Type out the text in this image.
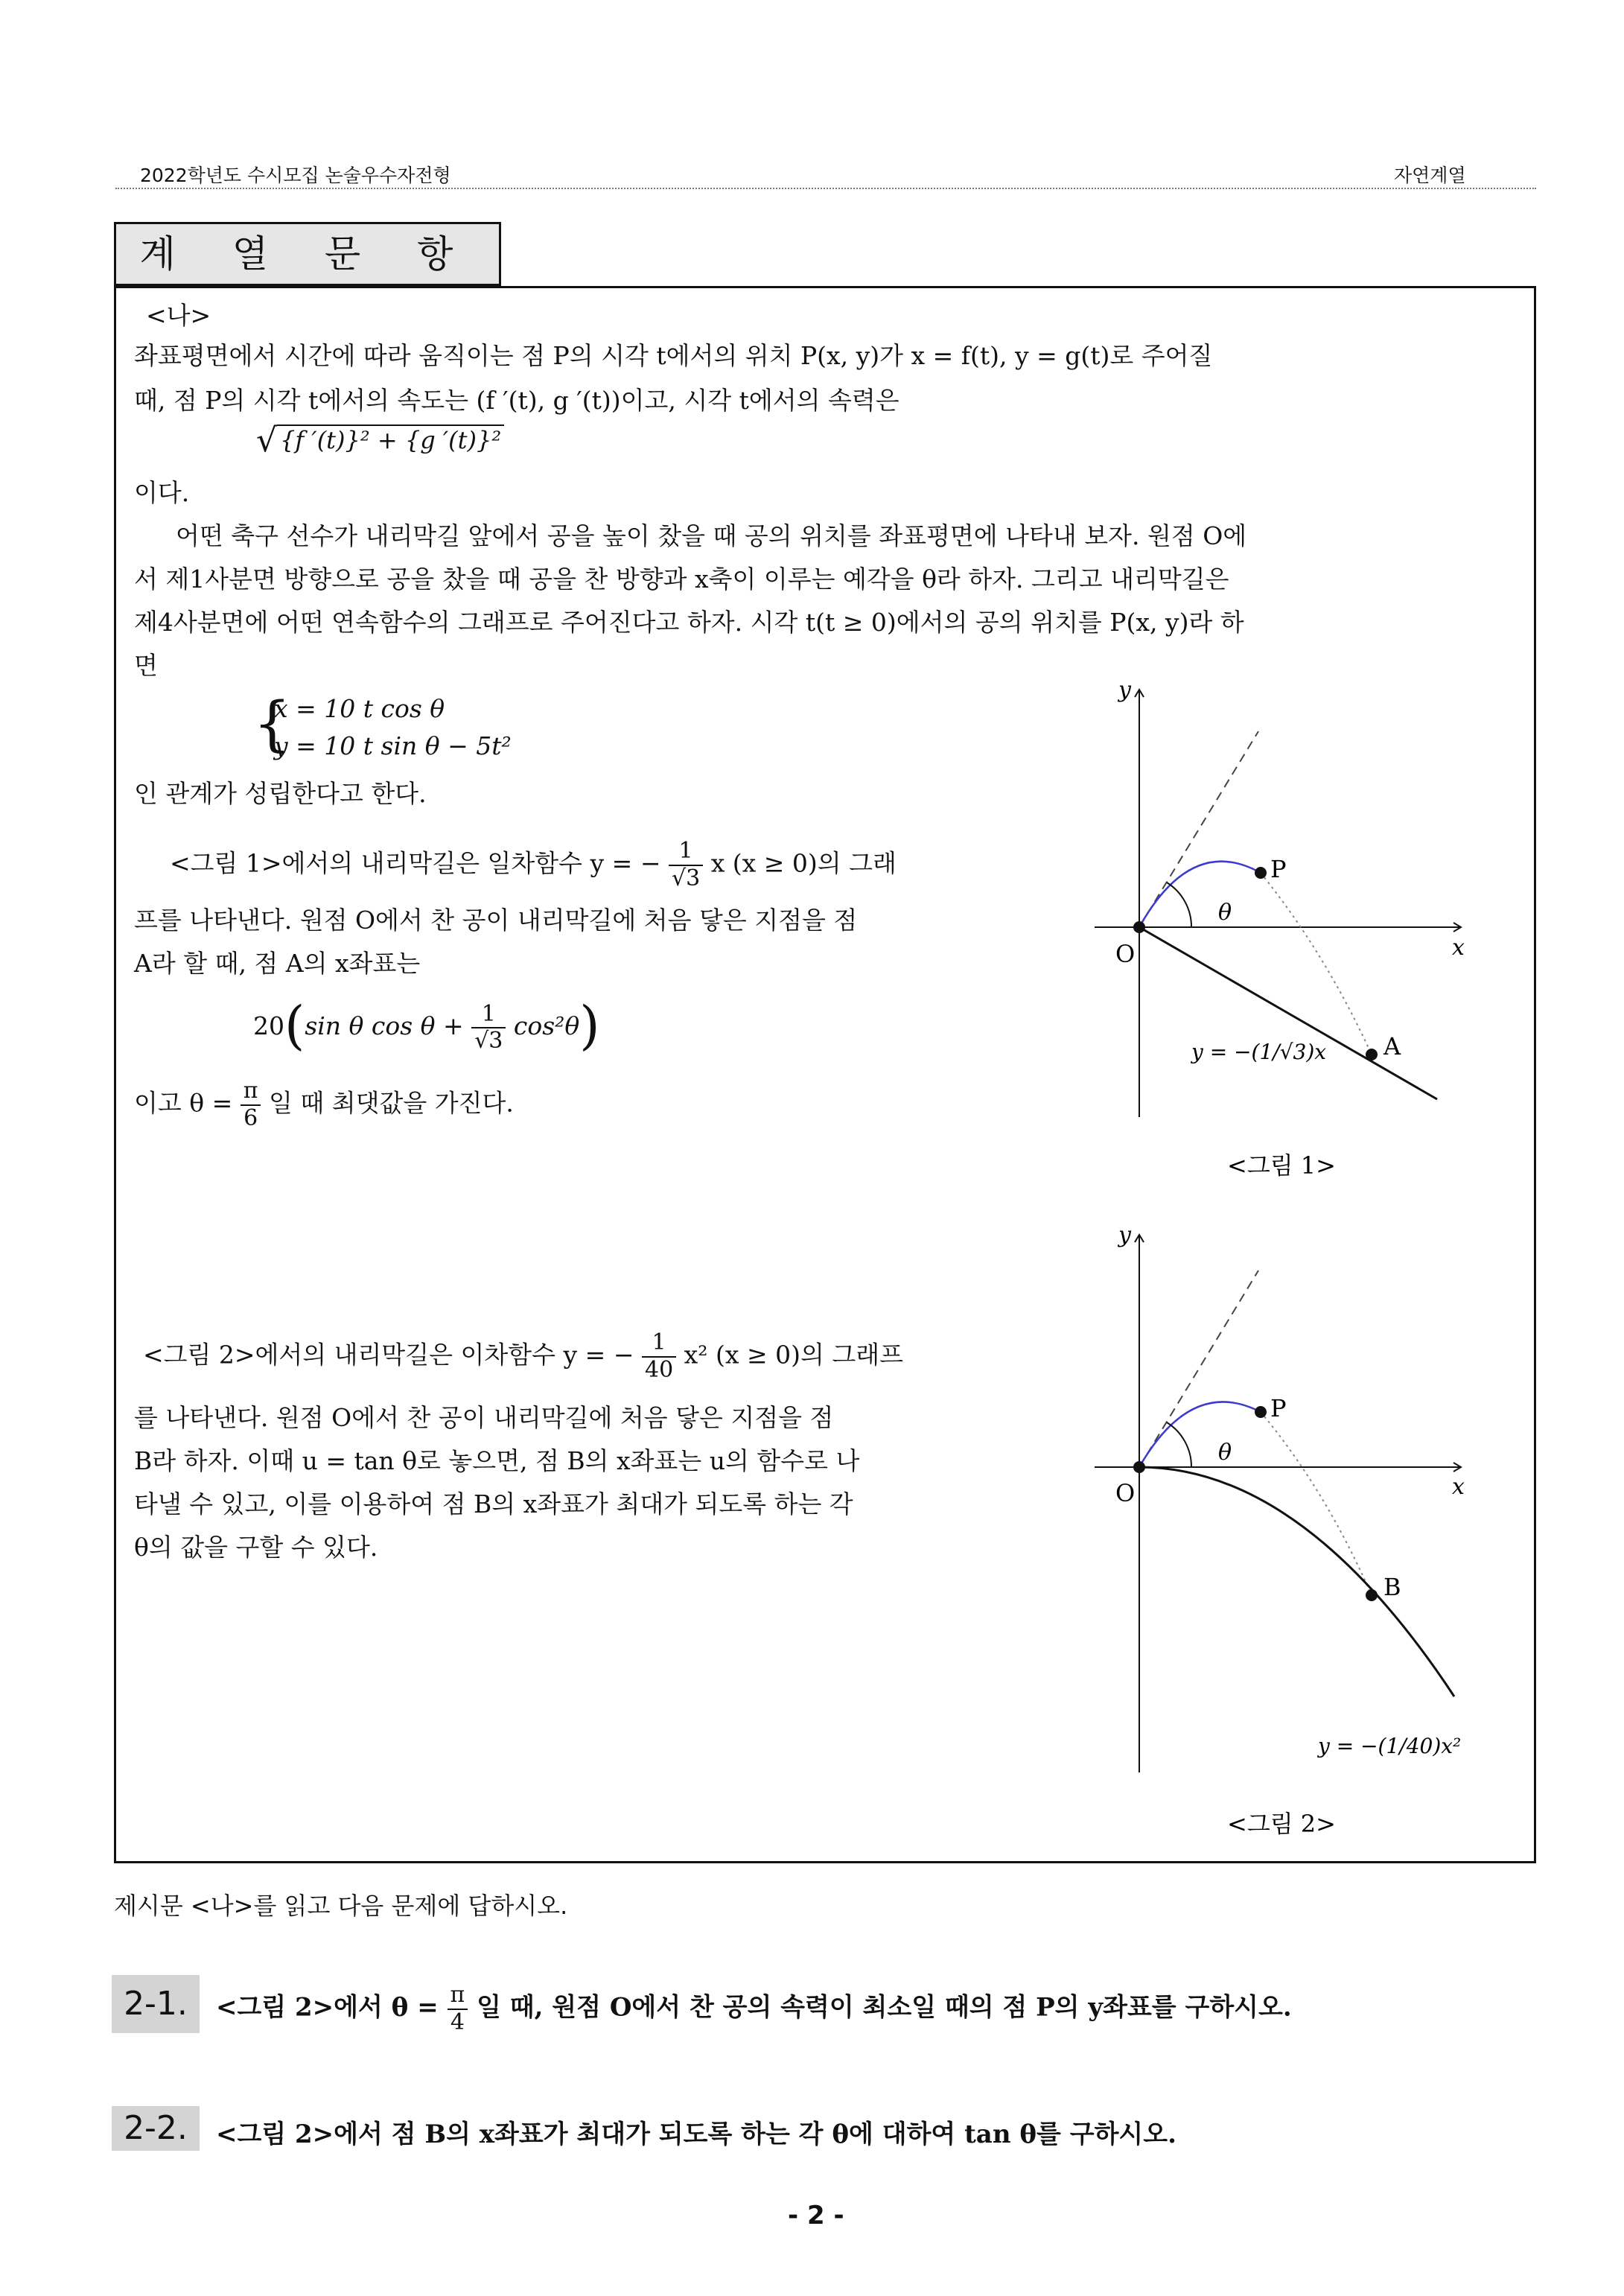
2022학년도 수시모집 논술우수자전형	자연계열
계 열 문 항
<나>
좌표평면에서 시간에 따라 움직이는 점 P의 시각 t에서의 위치 P(x, y)가 x = f(t), y = g(t)로 주어질
때, 점 P의 시각 t에서의 속도는 (f ′(t), g ′(t))이고, 시각 t에서의 속력은
√ {f ′(t)}² + {g ′(t)}²
이다.
어떤 축구 선수가 내리막길 앞에서 공을 높이 찼을 때 공의 위치를 좌표평면에 나타내 보자. 원점 O에
서 제1사분면 방향으로 공을 찼을 때 공을 찬 방향과 x축이 이루는 예각을 θ라 하자. 그리고 내리막길은
제4사분면에 어떤 연속함수의 그래프로 주어진다고 하자. 시각 t(t ≥ 0)에서의 공의 위치를 P(x, y)라 하
면
{
x = 10 t cos θ
y = 10 t sin θ − 5t²
인 관계가 성립한다고 한다.
<그림 1>에서의 내리막길은 일차함수 y = − $\frac{1}{√3}$ x (x ≥ 0)의 그래
프를 나타낸다. 원점 O에서 찬 공이 내리막길에 처음 닿은 지점을 점
A라 할 때, 점 A의 x좌표는
20(sin θ $\cos \theta + \frac{1}{√3} \cos^2\theta$)
이고 $\theta = \frac{\pi}{6}$ 일 때 최댓값을 가진다.
<그림 2>에서의 내리막길은 이차함수 y = − $\frac{1}{40} x^2$ (x ≥ 0)의 그래프
를 나타낸다. 원점 O에서 찬 공이 내리막길에 처음 닿은 지점을 점
B라 하자. 이때 u = tan θ로 놓으면, 점 B의 x좌표는 u의 함수로 나
타낼 수 있고, 이를 이용하여 점 B의 x좌표가 최대가 되도록 하는 각
θ의 값을 구할 수 있다.
y
x
O
P
A
θ
y = −(1/√3)x
<그림 1>
y
x
O
P
B
θ
y = −(1/40)x²
<그림 2>
제시문 <나>를 읽고 다음 문제에 답하시오.
2-1.	<그림 2>에서 $\theta = \frac{\pi}{4}$ 일 때, 원점 O에서 찬 공의 속력이 최소일 때의 점 P의 y좌표를 구하시오.
2-2.	<그림 2>에서 점 B의 x좌표가 최대가 되도록 하는 각 θ에 대하여 tan θ를 구하시오.
- 2 -
